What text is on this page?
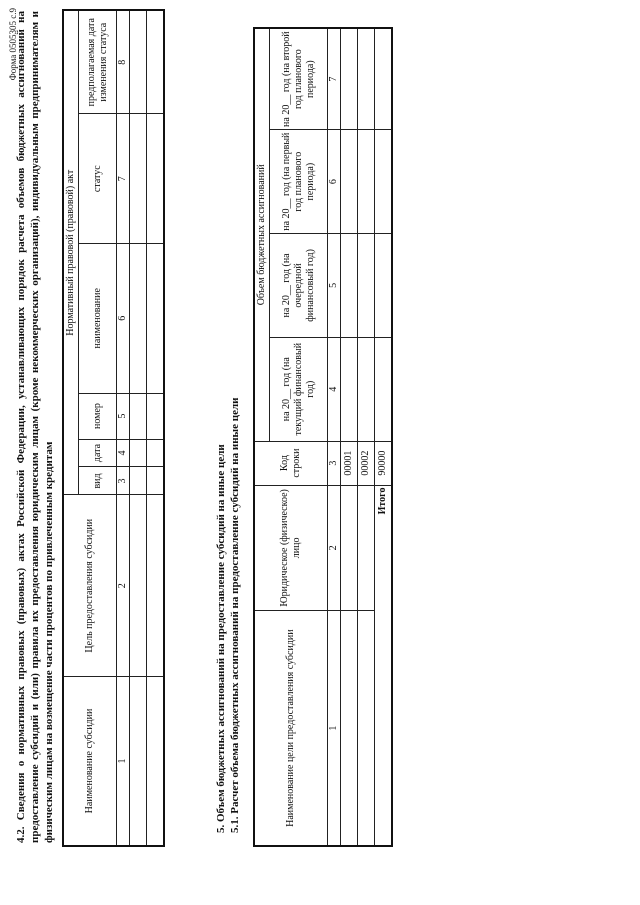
Форма 0505305 с.9
4.2. Сведения о нормативных правовых (правовых) актах Российской Федерации, устанавливающих порядок расчета объемов бюджетных ассигнований на предоставление субсидий и (или) правила их предоставления юридическим лицам (кроме некоммерческих организаций), индивидуальным предпринимателям и физическим лицам на возмещение части процентов по привлеченным кредитам	Наименование субсидии	Цель предоставления субсидии	Нормативный правовой (правовой) акт					
		вид	дата	номер	наименование	статус	предполагаемая дата изменения статуса
1	2	3	4	5	6	7	8

5. Объем бюджетных ассигнований на предоставление субсидий на иные цели 5.1. Расчет объема бюджетных ассигнований на предоставление субсидий на иные цели	Наименование цели предоставления субсидии	Юридическое (физическое) лицо	Код строки	Объем бюджетных ассигнований			
			на 20__ год (на текущий финансовый год)	на 20__ год (на очередной финансовый год)	на 20__ год (на первый год планового периода)	на 20__ год (на второй год планового периода)
1	2	3	4	5	6	7
		00001				
		00002				
Итого		90000				
